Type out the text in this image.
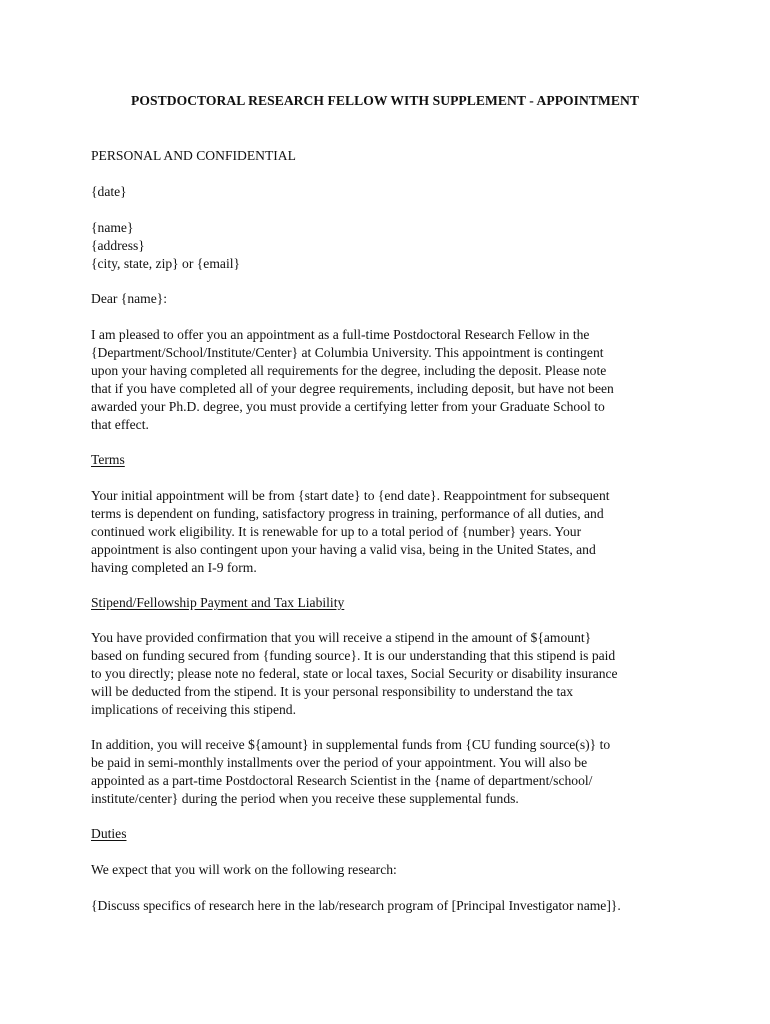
POSTDOCTORAL RESEARCH FELLOW WITH SUPPLEMENT - APPOINTMENT
PERSONAL AND CONFIDENTIAL
{date}
{name}
{address}
{city, state, zip} or {email}
Dear {name}:
I am pleased to offer you an appointment as a full-time Postdoctoral Research Fellow in the
{Department/School/Institute/Center} at Columbia University. This appointment is contingent
upon your having completed all requirements for the degree, including the deposit. Please note
that if you have completed all of your degree requirements, including deposit, but have not been
awarded your Ph.D. degree, you must provide a certifying letter from your Graduate School to
that effect.
Terms
Your initial appointment will be from {start date} to {end date}. Reappointment for subsequent
terms is dependent on funding, satisfactory progress in training, performance of all duties, and
continued work eligibility. It is renewable for up to a total period of {number} years. Your
appointment is also contingent upon your having a valid visa, being in the United States, and
having completed an I-9 form.
Stipend/Fellowship Payment and Tax Liability
You have provided confirmation that you will receive a stipend in the amount of ${amount}
based on funding secured from {funding source}. It is our understanding that this stipend is paid
to you directly; please note no federal, state or local taxes, Social Security or disability insurance
will be deducted from the stipend. It is your personal responsibility to understand the tax
implications of receiving this stipend.
In addition, you will receive ${amount} in supplemental funds from {CU funding source(s)} to
be paid in semi-monthly installments over the period of your appointment. You will also be
appointed as a part-time Postdoctoral Research Scientist in the {name of department/school/
institute/center} during the period when you receive these supplemental funds.
Duties
We expect that you will work on the following research:
{Discuss specifics of research here in the lab/research program of [Principal Investigator name]}.
